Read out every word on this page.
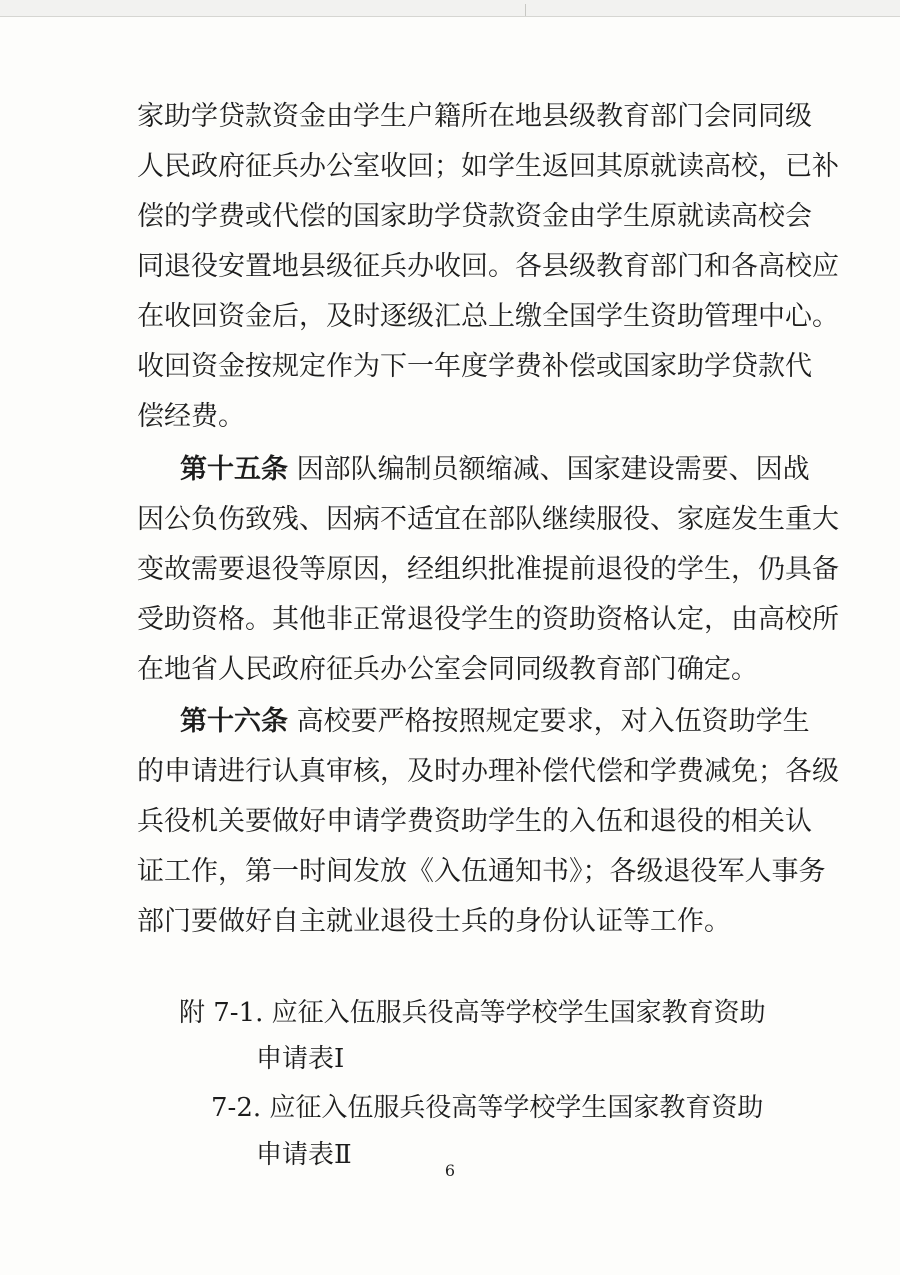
家助学贷款资金由学生户籍所在地县级教育部门会同同级
人民政府征兵办公室收回；如学生返回其原就读高校，已补
偿的学费或代偿的国家助学贷款资金由学生原就读高校会
同退役安置地县级征兵办收回。各县级教育部门和各高校应
在收回资金后，及时逐级汇总上缴全国学生资助管理中心。
收回资金按规定作为下一年度学费补偿或国家助学贷款代
偿经费。
第十五条 因部队编制员额缩减、国家建设需要、因战
因公负伤致残、因病不适宜在部队继续服役、家庭发生重大
变故需要退役等原因，经组织批准提前退役的学生，仍具备
受助资格。其他非正常退役学生的资助资格认定，由高校所
在地省人民政府征兵办公室会同同级教育部门确定。
第十六条 高校要严格按照规定要求，对入伍资助学生
的申请进行认真审核，及时办理补偿代偿和学费减免；各级
兵役机关要做好申请学费资助学生的入伍和退役的相关认
证工作，第一时间发放《入伍通知书》；各级退役军人事务
部门要做好自主就业退役士兵的身份认证等工作。
附 7-1. 应征入伍服兵役高等学校学生国家教育资助
申请表Ⅰ
7-2. 应征入伍服兵役高等学校学生国家教育资助
申请表Ⅱ
6
